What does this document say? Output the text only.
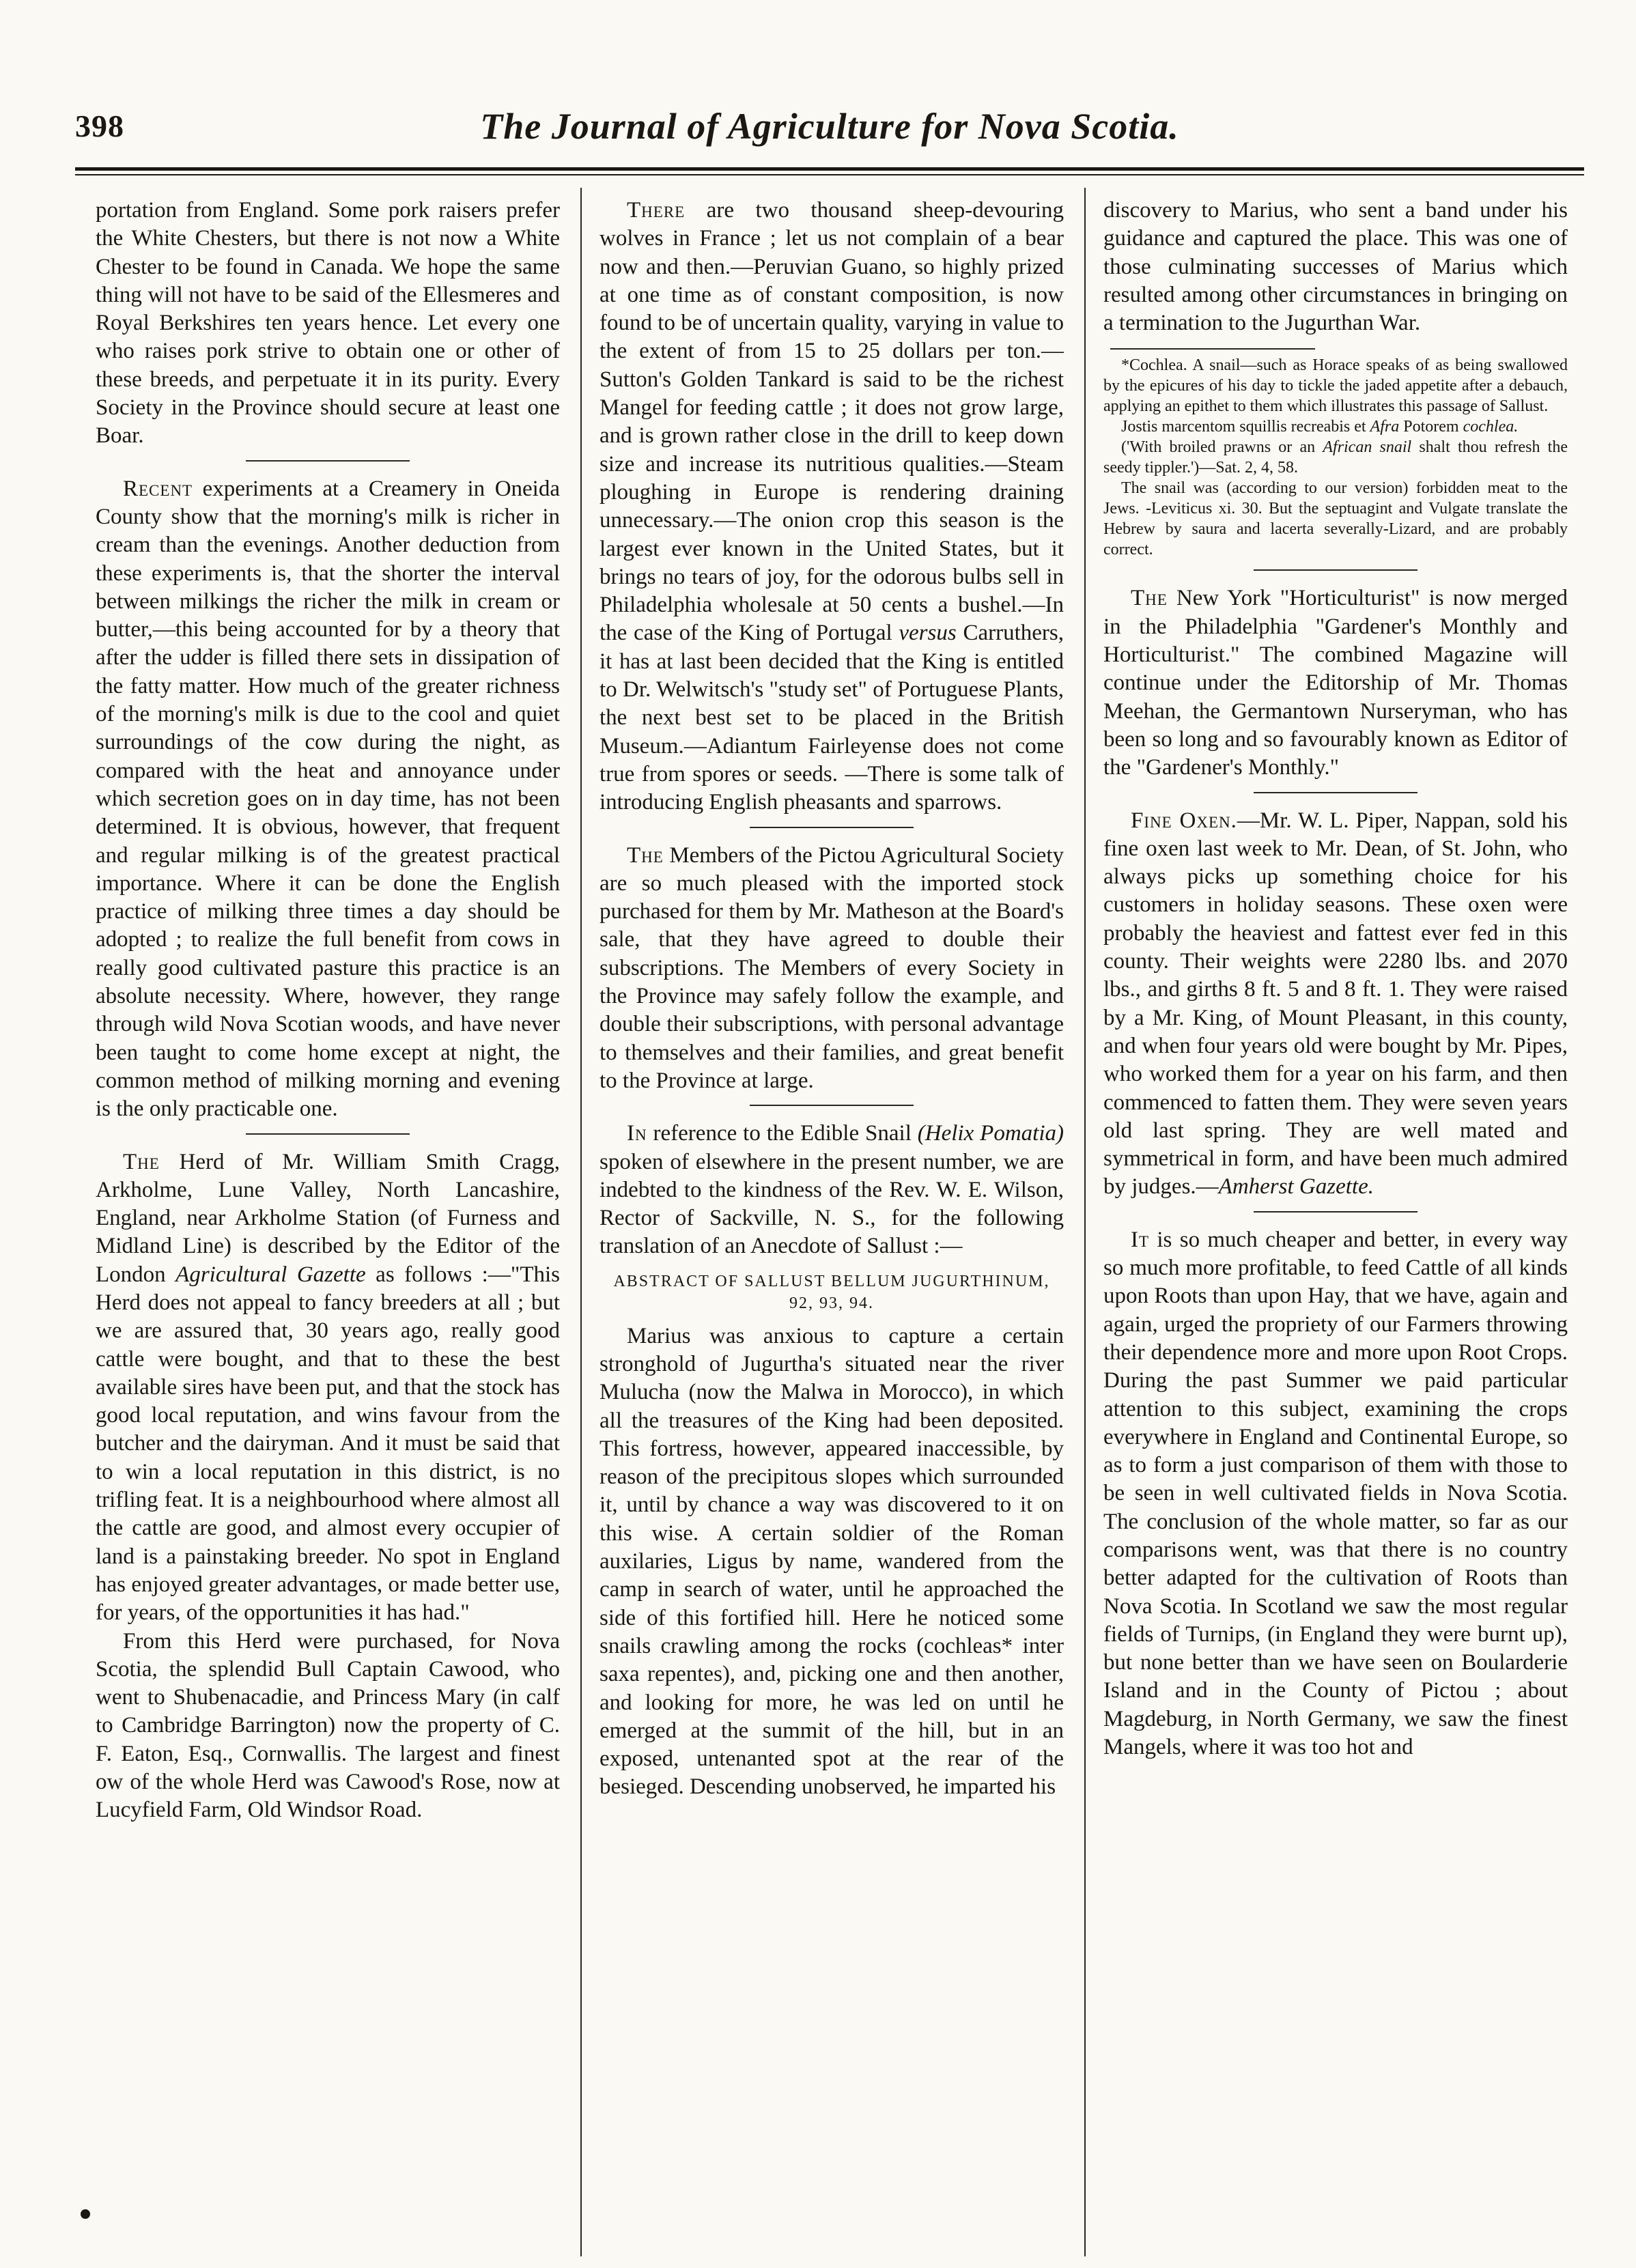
398	The Journal of Agriculture for Nova Scotia.

portation from England. Some pork raisers prefer the White Chesters, but there is not now a White Chester to be found in Canada. We hope the same thing will not have to be said of the Ellesmeres and Royal Berkshires ten years hence. Let every one who raises pork strive to obtain one or other of these breeds, and perpetuate it in its purity. Every Society in the Province should secure at least one Boar.

Recent experiments at a Creamery in Oneida County show that the morning's milk is richer in cream than the evenings. Another deduction from these experiments is, that the shorter the interval between milkings the richer the milk in cream or butter,—this being accounted for by a theory that after the udder is filled there sets in dissipation of the fatty matter. How much of the greater richness of the morning's milk is due to the cool and quiet surroundings of the cow during the night, as compared with the heat and annoyance under which secretion goes on in day time, has not been determined. It is obvious, however, that frequent and regular milking is of the greatest practical importance. Where it can be done the English practice of milking three times a day should be adopted ; to realize the full benefit from cows in really good cultivated pasture this practice is an absolute necessity. Where, however, they range through wild Nova Scotian woods, and have never been taught to come home except at night, the common method of milking morning and evening is the only practicable one.

The Herd of Mr. William Smith Cragg, Arkholme, Lune Valley, North Lancashire, England, near Arkholme Station (of Furness and Midland Line) is described by the Editor of the London Agricultural Gazette as follows :—"This Herd does not appeal to fancy breeders at all ; but we are assured that, 30 years ago, really good cattle were bought, and that to these the best available sires have been put, and that the stock has good local reputation, and wins favour from the butcher and the dairyman. And it must be said that to win a local reputation in this district, is no trifling feat. It is a neighbourhood where almost all the cattle are good, and almost every occupier of land is a painstaking breeder. No spot in England has enjoyed greater advantages, or made better use, for years, of the opportunities it has had."

From this Herd were purchased, for Nova Scotia, the splendid Bull Captain Cawood, who went to Shubenacadie, and Princess Mary (in calf to Cambridge Barrington) now the property of C. F. Eaton, Esq., Cornwallis. The largest and finest ow of the whole Herd was Cawood's Rose, now at Lucyfield Farm, Old Windsor Road.

There are two thousand sheep-devouring wolves in France ; let us not complain of a bear now and then.—Peruvian Guano, so highly prized at one time as of constant composition, is now found to be of uncertain quality, varying in value to the extent of from 15 to 25 dollars per ton.—Sutton's Golden Tankard is said to be the richest Mangel for feeding cattle ; it does not grow large, and is grown rather close in the drill to keep down size and increase its nutritious qualities.—Steam ploughing in Europe is rendering draining unnecessary.—The onion crop this season is the largest ever known in the United States, but it brings no tears of joy, for the odorous bulbs sell in Philadelphia wholesale at 50 cents a bushel.—In the case of the King of Portugal versus Carruthers, it has at last been decided that the King is entitled to Dr. Welwitsch's "study set" of Portuguese Plants, the next best set to be placed in the British Museum.—Adiantum Fairleyense does not come true from spores or seeds. —There is some talk of introducing English pheasants and sparrows.

The Members of the Pictou Agricultural Society are so much pleased with the imported stock purchased for them by Mr. Matheson at the Board's sale, that they have agreed to double their subscriptions. The Members of every Society in the Province may safely follow the example, and double their subscriptions, with personal advantage to themselves and their families, and great benefit to the Province at large.

In reference to the Edible Snail (Helix Pomatia) spoken of elsewhere in the present number, we are indebted to the kindness of the Rev. W. E. Wilson, Rector of Sackville, N. S., for the following translation of an Anecdote of Sallust :—

ABSTRACT OF SALLUST BELLUM JUGURTHINUM, 92, 93, 94.

Marius was anxious to capture a certain stronghold of Jugurtha's situated near the river Mulucha (now the Malwa in Morocco), in which all the treasures of the King had been deposited. This fortress, however, appeared inaccessible, by reason of the precipitous slopes which surrounded it, until by chance a way was discovered to it on this wise. A certain soldier of the Roman auxilaries, Ligus by name, wandered from the camp in search of water, until he approached the side of this fortified hill. Here he noticed some snails crawling among the rocks (cochleas* inter saxa repentes), and, picking one and then another, and looking for more, he was led on until he emerged at the summit of the hill, but in an exposed, untenanted spot at the rear of the besieged. Descending unobserved, he imparted his

discovery to Marius, who sent a band under his guidance and captured the place. This was one of those culminating successes of Marius which resulted among other circumstances in bringing on a termination to the Jugurthan War.

*Cochlea. A snail—such as Horace speaks of as being swallowed by the epicures of his day to tickle the jaded appetite after a debauch, applying an epithet to them which illustrates this passage of Sallust.

Jostis marcentom squillis recreabis et Afra Potorem cochlea.

('With broiled prawns or an African snail shalt thou refresh the seedy tippler.')—Sat. 2, 4, 58.

The snail was (according to our version) forbidden meat to the Jews. -Leviticus xi. 30. But the septuagint and Vulgate translate the Hebrew by saura and lacerta severally-Lizard, and are probably correct.

The New York "Horticulturist" is now merged in the Philadelphia "Gardener's Monthly and Horticulturist." The combined Magazine will continue under the Editorship of Mr. Thomas Meehan, the Germantown Nurseryman, who has been so long and so favourably known as Editor of the "Gardener's Monthly."

Fine Oxen.—Mr. W. L. Piper, Nappan, sold his fine oxen last week to Mr. Dean, of St. John, who always picks up something choice for his customers in holiday seasons. These oxen were probably the heaviest and fattest ever fed in this county. Their weights were 2280 lbs. and 2070 lbs., and girths 8 ft. 5 and 8 ft. 1. They were raised by a Mr. King, of Mount Pleasant, in this county, and when four years old were bought by Mr. Pipes, who worked them for a year on his farm, and then commenced to fatten them. They were seven years old last spring. They are well mated and symmetrical in form, and have been much admired by judges.—Amherst Gazette.

It is so much cheaper and better, in every way so much more profitable, to feed Cattle of all kinds upon Roots than upon Hay, that we have, again and again, urged the propriety of our Farmers throwing their dependence more and more upon Root Crops. During the past Summer we paid particular attention to this subject, examining the crops everywhere in England and Continental Europe, so as to form a just comparison of them with those to be seen in well cultivated fields in Nova Scotia. The conclusion of the whole matter, so far as our comparisons went, was that there is no country better adapted for the cultivation of Roots than Nova Scotia. In Scotland we saw the most regular fields of Turnips, (in England they were burnt up), but none better than we have seen on Boularderie Island and in the County of Pictou ; about Magdeburg, in North Germany, we saw the finest Mangels, where it was too hot and
